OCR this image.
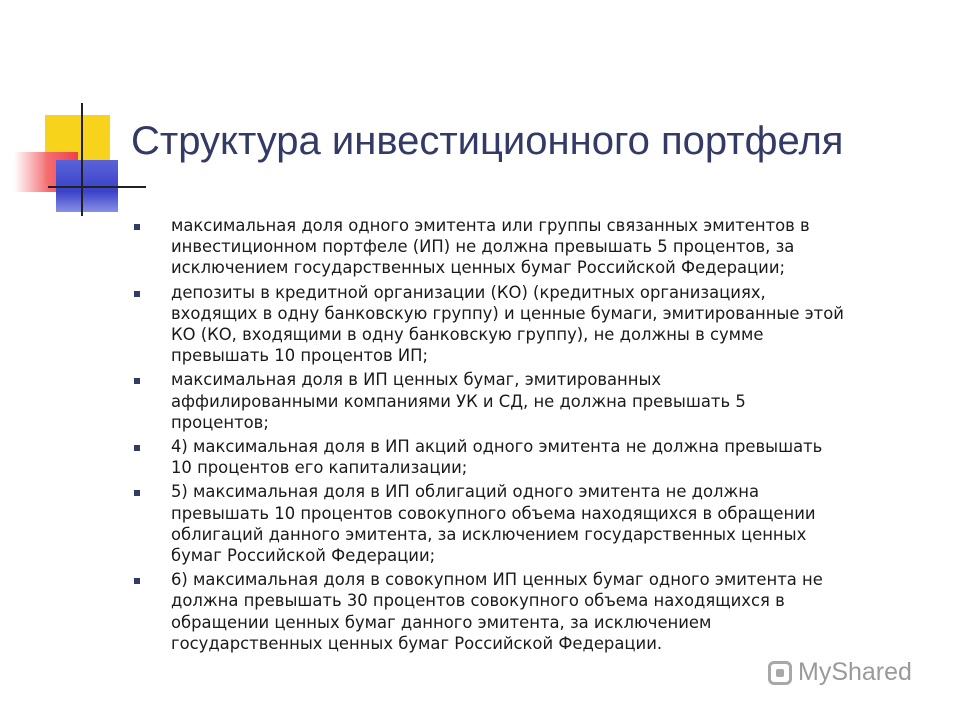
Структура инвестиционного портфеля
максимальная доля одного эмитента или группы связанных эмитентов в
инвестиционном портфеле (ИП) не должна превышать 5 процентов, за
исключением государственных ценных бумаг Российской Федерации;
депозиты в кредитной организации (КО) (кредитных организациях,
входящих в одну банковскую группу) и ценные бумаги, эмитированные этой
КО (КО, входящими в одну банковскую группу), не должны в сумме
превышать 10 процентов ИП;
максимальная доля в ИП ценных бумаг, эмитированных
аффилированными компаниями УК и СД, не должна превышать 5
процентов;
4) максимальная доля в ИП акций одного эмитента не должна превышать
10 процентов его капитализации;
5) максимальная доля в ИП облигаций одного эмитента не должна
превышать 10 процентов совокупного объема находящихся в обращении
облигаций данного эмитента, за исключением государственных ценных
бумаг Российской Федерации;
6) максимальная доля в совокупном ИП ценных бумаг одного эмитента не
должна превышать 30 процентов совокупного объема находящихся в
обращении ценных бумаг данного эмитента, за исключением
государственных ценных бумаг Российской Федерации.
MyShared
